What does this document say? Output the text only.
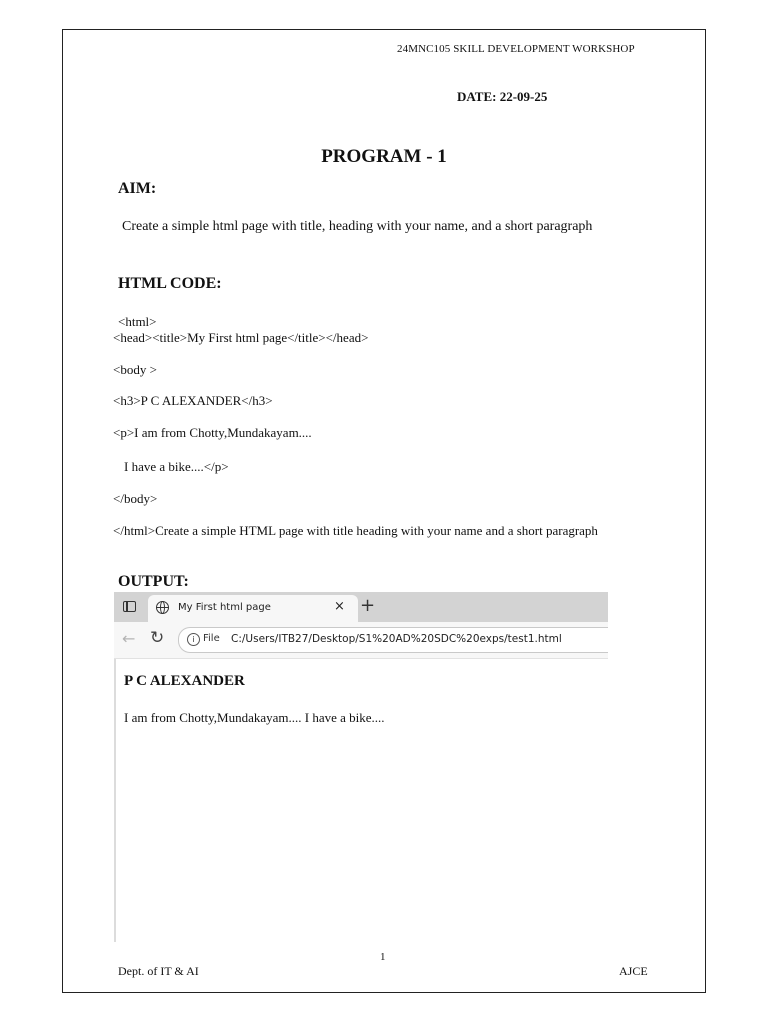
24MNC105 SKILL DEVELOPMENT WORKSHOP
DATE: 22-09-25
PROGRAM - 1
AIM:
Create a simple html page with title, heading with your name, and a short paragraph
HTML CODE:
<html>
<head><title>My First html page</title></head>
<body >
<h3>P C ALEXANDER</h3>
<p>I am from Chotty,Mundakayam....
I have a bike....</p>
</body>
</html>Create a simple HTML page with title heading with your name and a short paragraph
OUTPUT:
My First html page	× +
← ↻	i File C:/Users/ITB27/Desktop/S1%20AD%20SDC%20exps/test1.html
P C ALEXANDER
I am from Chotty,Mundakayam.... I have a bike....
1
Dept. of IT & AI	AJCE
